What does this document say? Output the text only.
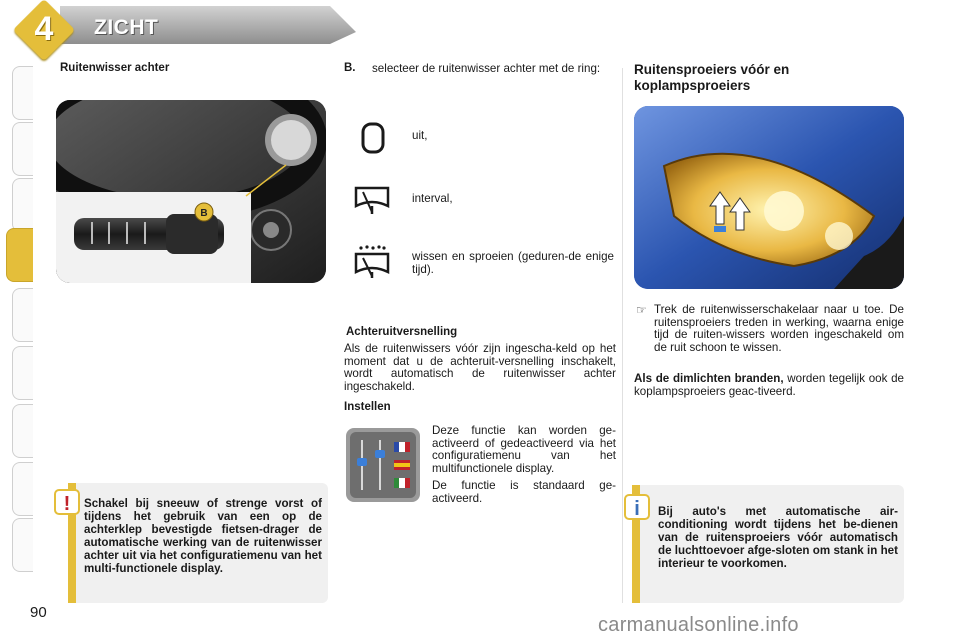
4	ZICHT
Ruitenwisser achter
B
! Schakel bij sneeuw of strenge vorst of tijdens het gebruik van een op de achterklep bevestigde fietsen-drager de automatische werking van de ruitenwisser achter uit via het configuratiemenu van het multi-functionele display.
B. selecteer de ruitenwisser achter met de ring:
uit,
interval,
wissen en sproeien (geduren-de enige tijd).
Achteruitversnelling
Als de ruitenwissers vóór zijn ingescha-keld op het moment dat u de achteruit-versnelling inschakelt, wordt automatisch de ruitenwisser achter ingeschakeld.
Instellen
Deze functie kan worden ge-activeerd of gedeactiveerd via het configuratiemenu van het multifunctionele display.
De functie is standaard ge-activeerd.
Ruitensproeiers vóór en koplampsproeiers
☞ Trek de ruitenwisserschakelaar naar u toe. De ruitensproeiers treden in werking, waarna enige tijd de ruiten-wissers worden ingeschakeld om de ruit schoon te wissen.
Als de dimlichten branden, worden tegelijk ook de koplampsproeiers geac-tiveerd.
i Bij auto's met automatische air-conditioning wordt tijdens het be-dienen van de ruitensproeiers vóór automatisch de luchttoevoer afge-sloten om stank in het interieur te voorkomen.
90
carmanualsonline.info
